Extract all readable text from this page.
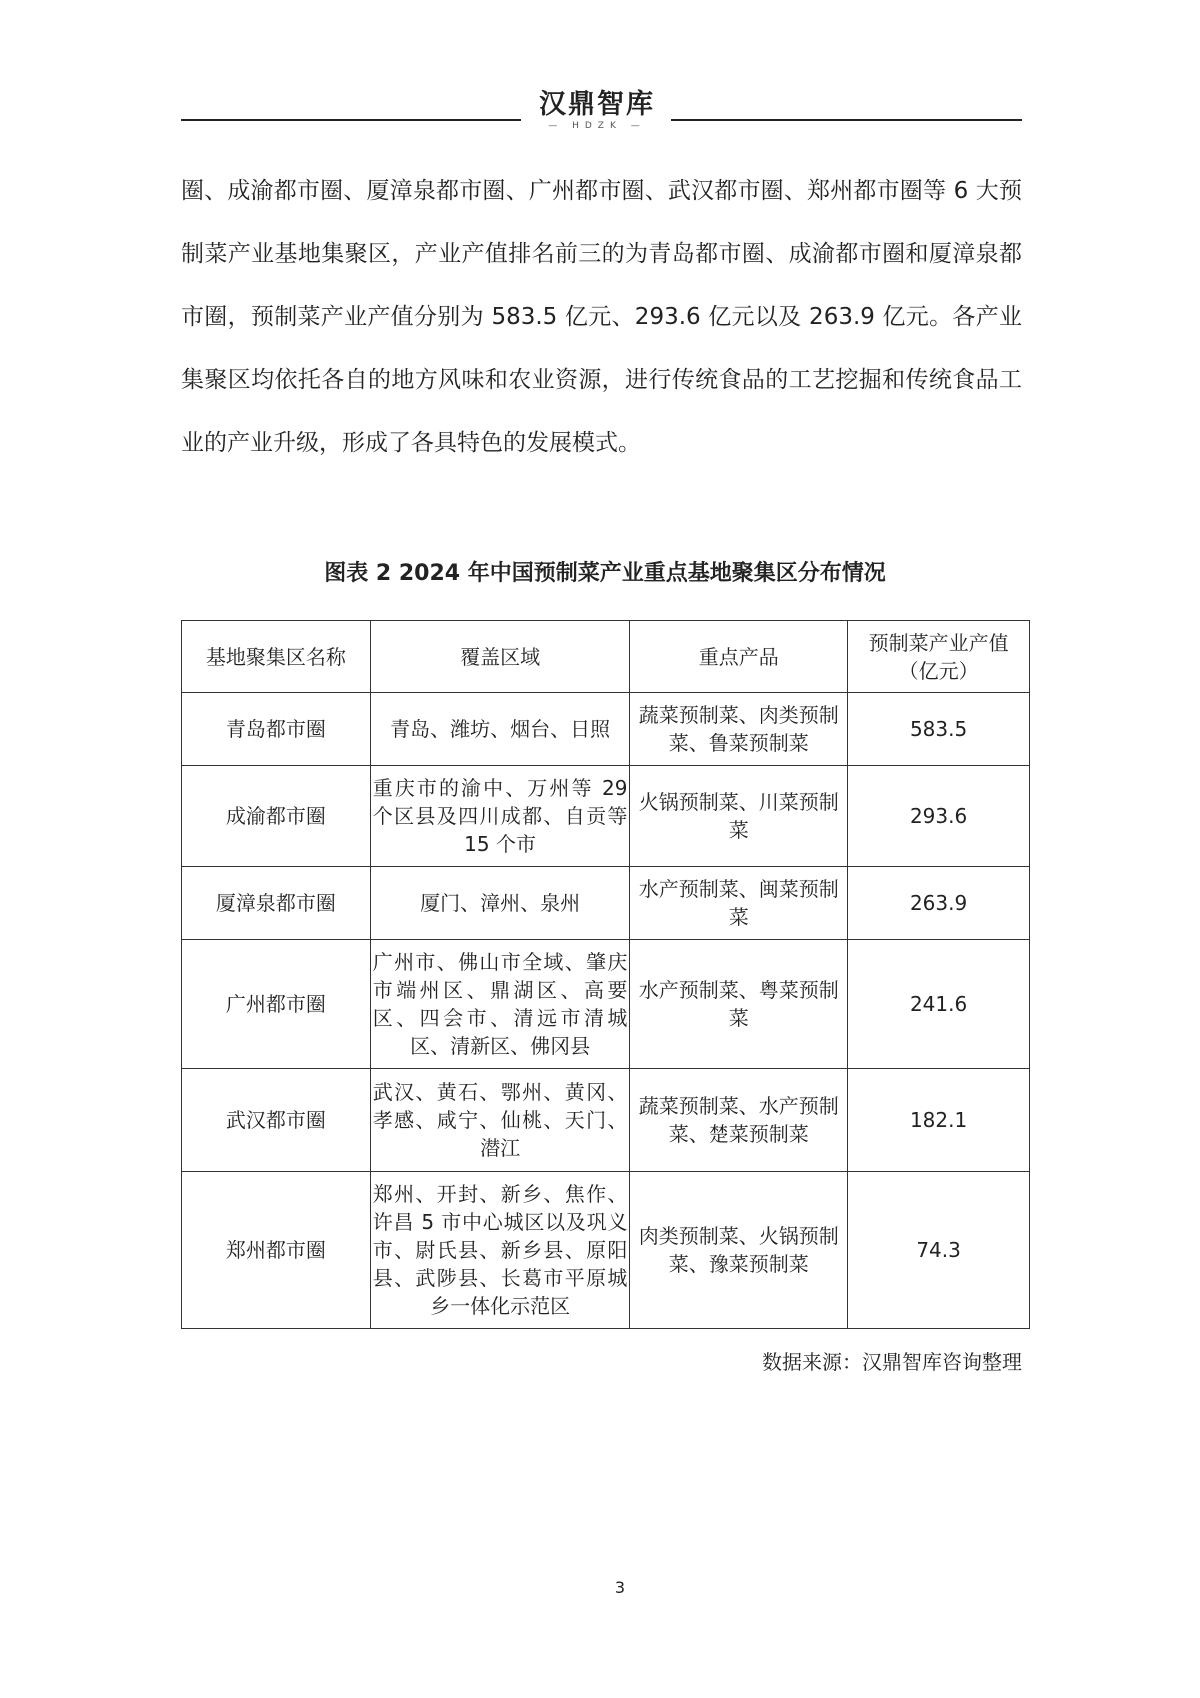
汉鼎智库
— HDZK —

圈、成渝都市圈、厦漳泉都市圈、广州都市圈、武汉都市圈、郑州都市圈等 6 大预制菜产业基地集聚区，产业产值排名前三的为青岛都市圈、成渝都市圈和厦漳泉都市圈，预制菜产业产值分别为 583.5 亿元、293.6 亿元以及 263.9 亿元。各产业集聚区均依托各自的地方风味和农业资源，进行传统食品的工艺挖掘和传统食品工业的产业升级，形成了各具特色的发展模式。

图表 2 2024 年中国预制菜产业重点基地聚集区分布情况
基地聚集区名称	覆盖区域	重点产品	预制菜产业产值（亿元）
青岛都市圈	青岛、潍坊、烟台、日照	蔬菜预制菜、肉类预制菜、鲁菜预制菜	583.5
成渝都市圈	重庆市的渝中、万州等 29 个区县及四川成都、自贡等 15 个市	火锅预制菜、川菜预制菜	293.6
厦漳泉都市圈	厦门、漳州、泉州	水产预制菜、闽菜预制菜	263.9
广州都市圈	广州市、佛山市全域、肇庆市端州区、鼎湖区、高要区、四会市、清远市清城区、清新区、佛冈县	水产预制菜、粤菜预制菜	241.6
武汉都市圈	武汉、黄石、鄂州、黄冈、孝感、咸宁、仙桃、天门、潜江	蔬菜预制菜、水产预制菜、楚菜预制菜	182.1
郑州都市圈	郑州、开封、新乡、焦作、许昌 5 市中心城区以及巩义市、尉氏县、新乡县、原阳县、武陟县、长葛市平原城乡一体化示范区	肉类预制菜、火锅预制菜、豫菜预制菜	74.3
数据来源：汉鼎智库咨询整理
3
